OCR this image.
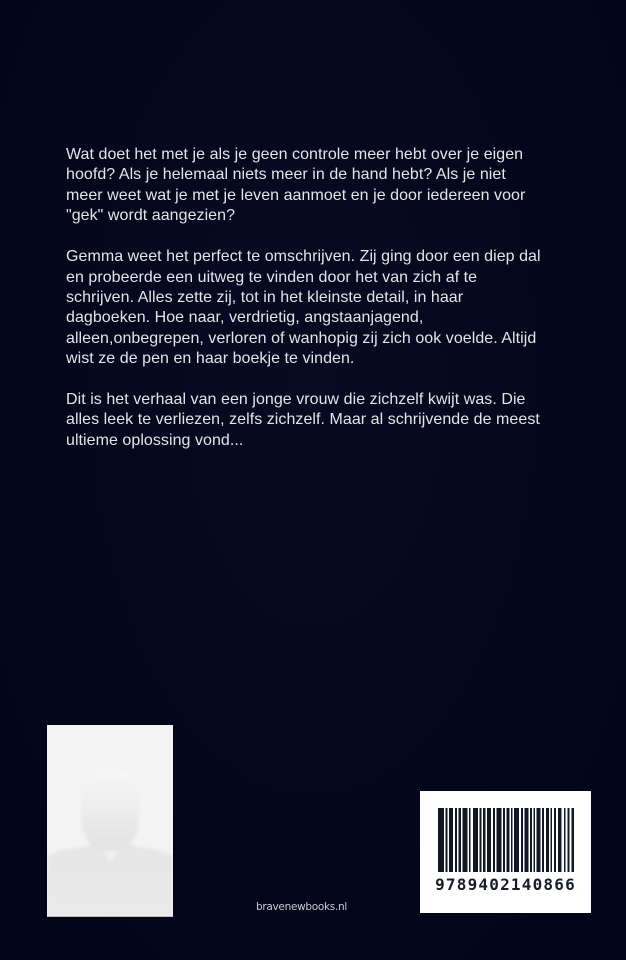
Wat doet het met je als je geen controle meer hebt over je eigen
hoofd? Als je helemaal niets meer in de hand hebt? Als je niet
meer weet wat je met je leven aanmoet en je door iedereen voor
"gek" wordt aangezien?

Gemma weet het perfect te omschrijven. Zij ging door een diep dal
en probeerde een uitweg te vinden door het van zich af te
schrijven. Alles zette zij, tot in het kleinste detail, in haar
dagboeken. Hoe naar, verdrietig, angstaanjagend,
alleen,onbegrepen, verloren of wanhopig zij zich ook voelde. Altijd
wist ze de pen en haar boekje te vinden.

Dit is het verhaal van een jonge vrouw die zichzelf kwijt was. Die
alles leek te verliezen, zelfs zichzelf. Maar al schrijvende de meest
ultieme oplossing vond...

9789402140866
bravenewbooks.nl
